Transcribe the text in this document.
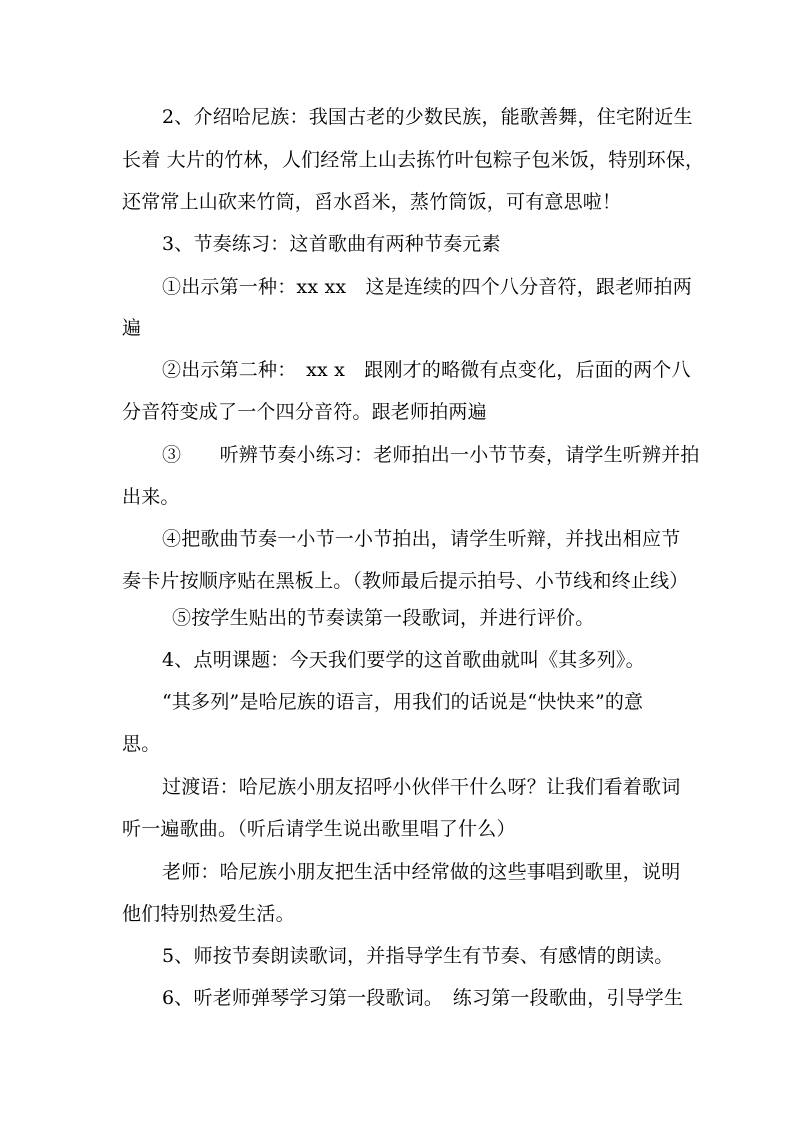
2、介绍哈尼族：我国古老的少数民族，能歌善舞，住宅附近生
长着 大片的竹林，人们经常上山去拣竹叶包粽子包米饭，特别环保，
还常常上山砍来竹筒，舀水舀米，蒸竹筒饭，可有意思啦！
3、节奏练习：这首歌曲有两种节奏元素
①出示第一种：xx xx　这是连续的四个八分音符，跟老师拍两
遍
②出示第二种：　xx x　跟刚才的略微有点变化，后面的两个八
分音符变成了一个四分音符。跟老师拍两遍
③　　听辨节奏小练习：老师拍出一小节节奏，请学生听辨并拍
出来。
④把歌曲节奏一小节一小节拍出，请学生听辩，并找出相应节
奏卡片按顺序贴在黑板上。（教师最后提示拍号、小节线和终止线）
⑤按学生贴出的节奏读第一段歌词，并进行评价。
4、点明课题：今天我们要学的这首歌曲就叫《其多列》。
“其多列”是哈尼族的语言，用我们的话说是“快快来”的意
思。
过渡语：哈尼族小朋友招呼小伙伴干什么呀？让我们看着歌词
听一遍歌曲。（听后请学生说出歌里唱了什么）
老师：哈尼族小朋友把生活中经常做的这些事唱到歌里，说明
他们特别热爱生活。
5、师按节奏朗读歌词，并指导学生有节奏、有感情的朗读。
6、听老师弹琴学习第一段歌词。　练习第一段歌曲，引导学生
